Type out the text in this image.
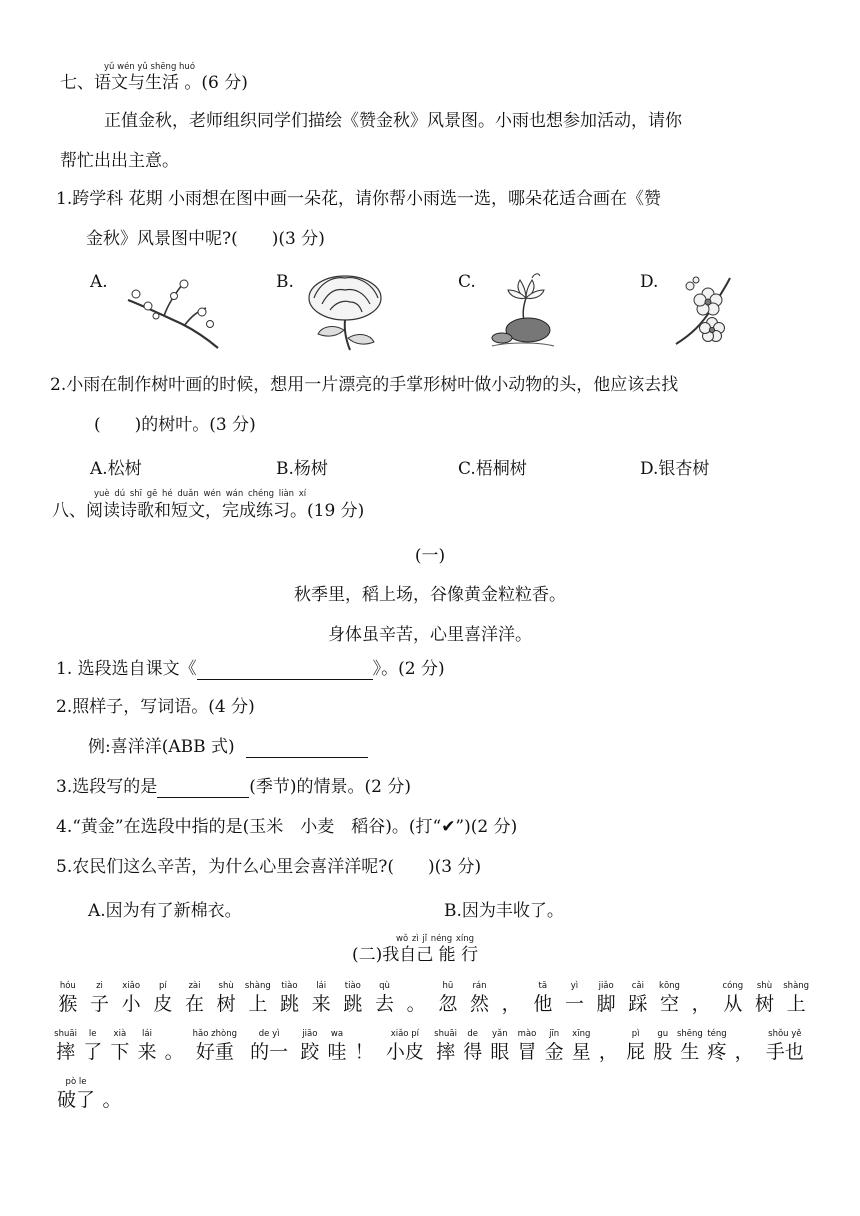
yǔ wén yǔ shēng huó
七、语文与生活 。(6 分)
正值金秋，老师组织同学们描绘《赞金秋》风景图。小雨也想参加活动，请你
帮忙出出主意。
1.跨学科 花期 小雨想在图中画一朵花，请你帮小雨选一选，哪朵花适合画在《赞
金秋》风景图中呢?(　　)(3 分)
A.	B.	C.	D.
2.小雨在制作树叶画的时候，想用一片漂亮的手掌形树叶做小动物的头，他应该去找
(　　)的树叶。(3 分)
A.松树	B.杨树	C.梧桐树	D.银杏树
yuè dú shī gē hé duǎn wén wán chéng liàn xí
八、阅读诗歌和短文，完成练习。(19 分)
(一)
秋季里，稻上场，谷像黄金粒粒香。
身体虽辛苦，心里喜洋洋。
1. 选段选自课文《	》。(2 分)
2.照样子，写词语。(4 分)
例:喜洋洋(ABB 式)
3.选段写的是	(季节)的情景。(2 分)
4.“黄金”在选段中指的是(玉米　小麦　稻谷)。(打“✔”)(2 分)
5.农民们这么辛苦，为什么心里会喜洋洋呢?(　　)(3 分)
A.因为有了新棉衣。	B.因为丰收了。
wǒ zì jǐ néng xíng
(二)我自己 能 行
hóu
猴
zi
子
xiǎo
小
pí
皮
zài
在
shù
树
shàng
上
tiào
跳
lái
来
tiào
跳
qù
去 。
hū
忽
rán
然 ，
tā
他
yì
一
jiǎo
脚
cǎi
踩
kōng
空 ，
cóng
从
shù
树
shàng
上
shuāi
摔
le
了
xià
下
lái
来 。
hǎo zhòng
好重
de yì
的一
jiāo
跤
wa
哇 ！
xiǎo pí
小皮
shuāi
摔
de
得
yǎn
眼
mào
冒
jīn
金
xīng
星 ，
pì
屁
gu
股
shēng
生
téng
疼 ，
shǒu yě
手也
pò le
破了 。
